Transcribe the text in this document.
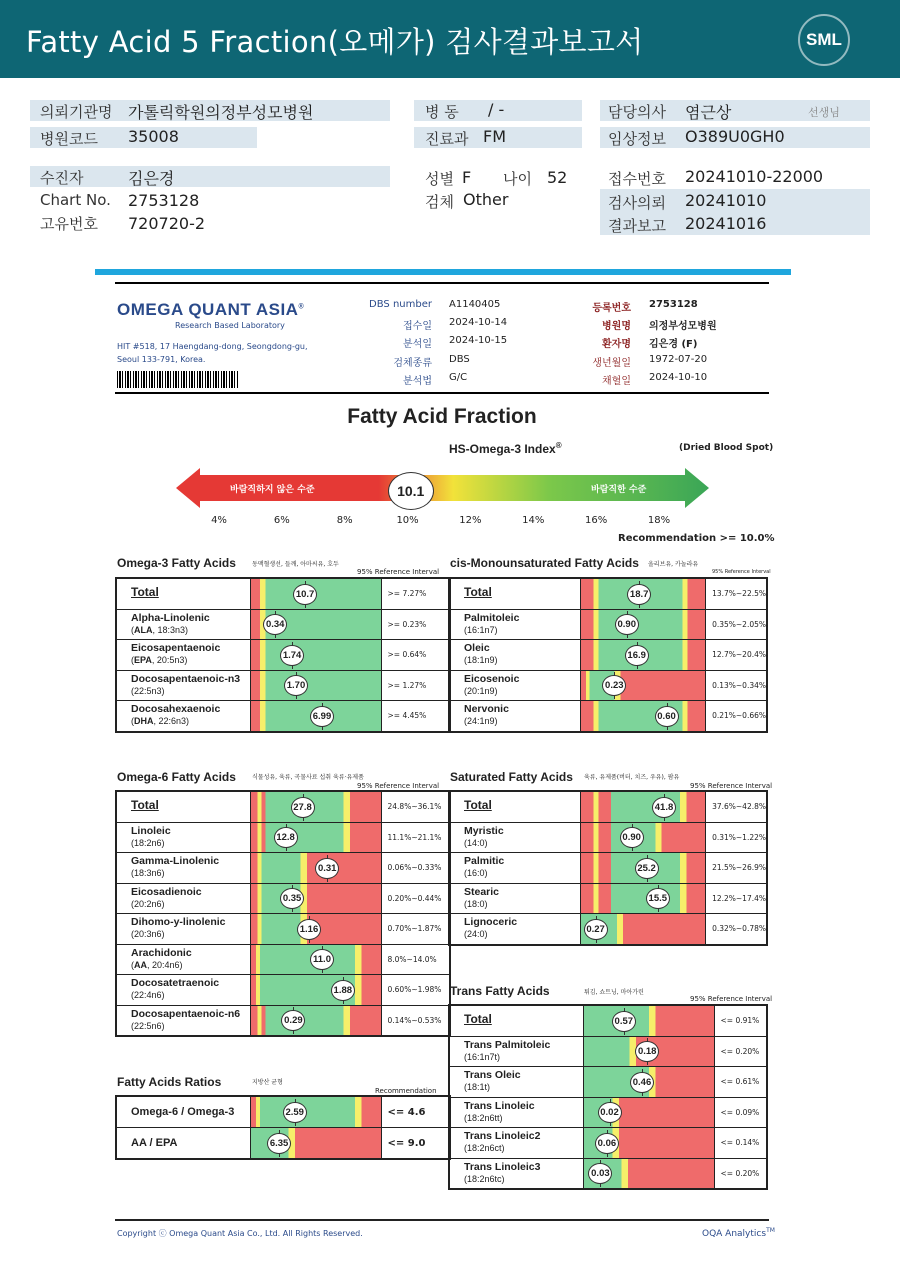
Fatty Acid 5 Fraction(오메가) 검사결과보고서	SML
의뢰기관명 가톨릭학원의정부성모병원
병원코드 35008
병 동 / -
진료과 FM
담당의사 염근상	선생님
임상정보 O389U0GH0
수진자	김은경
Chart No. 2753128
고유번호 720720-2
성별 F 나이 52
검체 Other
접수번호 20241010-22000
검사의뢰 20241010
결과보고 20241016
OMEGA QUANT ASIA®
Research Based Laboratory
HIT #518, 17 Haengdang-dong, Seongdong-gu,
Seoul 133-791, Korea.
DBS number A1140405
접수일 2024-10-14
분석일 2024-10-15
검체종류 DBS
분석법 G/C
등록번호 2753128
병원명 의정부성모병원
환자명 김은경 (F)
생년월일 1972-07-20
채혈일 2024-10-10
Fatty Acid Fraction
HS-Omega-3 Index®	(Dried Blood Spot)
바람직하지 않은 수준	바람직한 수준
10.1
4%	6%	8%	10%	12%	14%	16%	18%
Recommendation >= 10.0%
Omega-3 Fatty Acids	동맥혈생선, 들깨, 아마씨유, 호두
95% Reference Interval
cis-Monounsaturated Fatty Acids 올리브유, 카놀라유
95% Reference Interval
Omega-6 Fatty Acids	식물성유, 육류, 곡물사료 섭취 육류·유제품
95% Reference Interval
Saturated Fatty Acids 육류, 유제품(버터, 치즈, 우유), 팜유
95% Reference Interval
Trans Fatty Acids	튀김, 쇼트닝, 마아가린
95% Reference Interval
Fatty Acids Ratios	지방산 균형
Recommendation
Total	10.7	>= 7.27%

Alpha-Linolenic
(ALA, 18:3n3)	0.34	>= 0.23%

Eicosapentaenoic
(EPA, 20:5n3)	1.74	>= 0.64%

Docosapentaenoic-n3
(22:5n3)	1.70	>= 1.27%

Docosahexaenoic
(DHA, 22:6n3)	6.99	>= 4.45%
Total	18.7	13.7%~22.5%

Palmitoleic
(16:1n7)	0.90	0.35%~2.05%

Oleic
(18:1n9)	16.9	12.7%~20.4%

Eicosenoic
(20:1n9)	0.23	0.13%~0.34%

Nervonic
(24:1n9)	0.60	0.21%~0.66%
Total	27.8	24.8%~36.1%

Linoleic
(18:2n6)	12.8	11.1%~21.1%

Gamma-Linolenic
(18:3n6)	0.31	0.06%~0.33%

Eicosadienoic
(20:2n6)	0.35	0.20%~0.44%

Dihomo-y-linolenic
(20:3n6)	1.16	0.70%~1.87%

Arachidonic
(AA, 20:4n6)	11.0	8.0%~14.0%

Docosatetraenoic
(22:4n6)	1.88	0.60%~1.98%

Docosapentaenoic-n6
(22:5n6)	0.29	0.14%~0.53%
Total	41.8	37.6%~42.8%

Myristic
(14:0)	0.90	0.31%~1.22%

Palmitic
(16:0)	25.2	21.5%~26.9%

Stearic
(18:0)	15.5	12.2%~17.4%

Lignoceric
(24:0)	0.27	0.32%~0.78%
Total	0.57	<= 0.91%

Trans Palmitoleic
(16:1n7t)	0.18	<= 0.20%

Trans Oleic
(18:1t)	0.46	<= 0.61%

Trans Linoleic
(18:2n6tt)	0.02	<= 0.09%

Trans Linoleic2
(18:2n6ct)	0.06	<= 0.14%

Trans Linoleic3
(18:2n6tc)	0.03	<= 0.20%
Omega-6 / Omega-3	2.59	<= 4.6

AA / EPA	6.35	<= 9.0
Copyright ⓒ Omega Quant Asia Co., Ltd. All Rights Reserved.	OQA Analytics™
